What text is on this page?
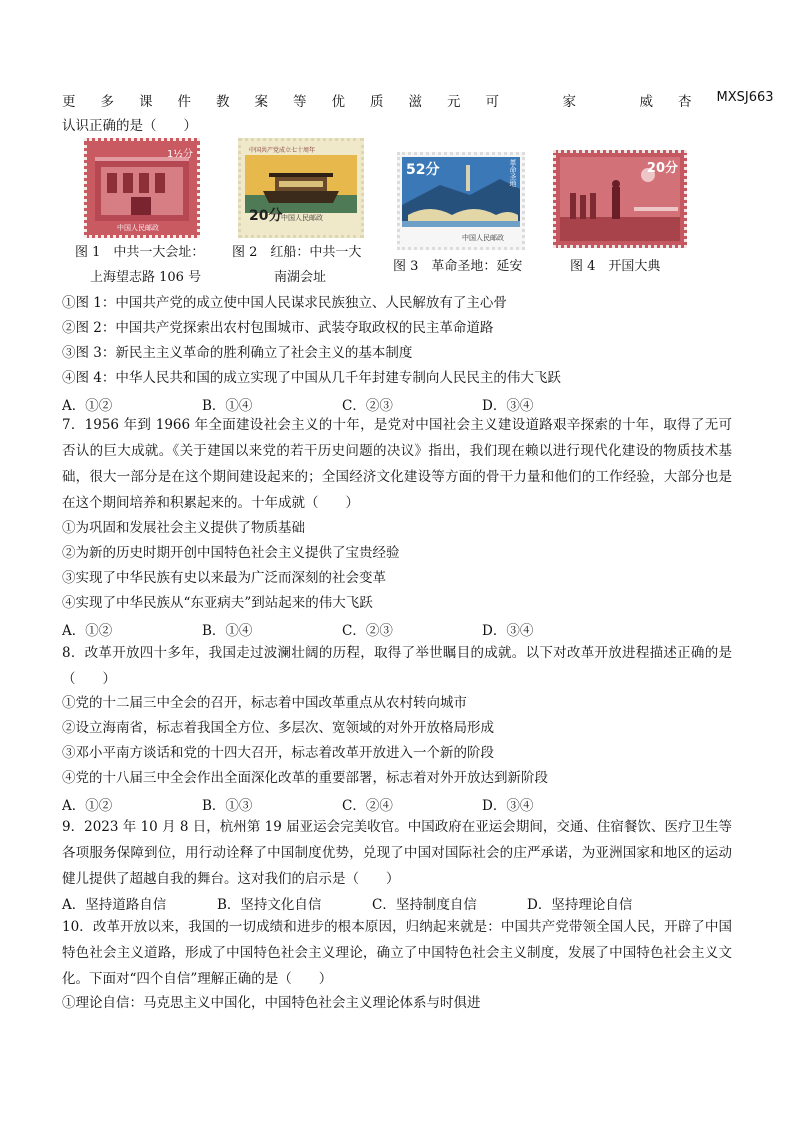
更	多	课	件	教	案	等	优	质	滋	元	可	家	威	杏	MXSJ663
认识正确的是（　　）
1½分
中国人民邮政
中国共产党成立七十周年
20分
中国人民邮政
52分	革命圣地
中国人民邮政
20分
图 1　中共一大会址：
上海望志路 106 号
图 2　红船：中共一大
南湖会址
图 3　革命圣地：延安	图 4　开国大典
①图 1：中国共产党的成立使中国人民谋求民族独立、人民解放有了主心骨
②图 2：中国共产党探索出农村包围城市、武装夺取政权的民主革命道路
③图 3：新民主主义革命的胜利确立了社会主义的基本制度
④图 4：中华人民共和国的成立实现了中国从几千年封建专制向人民民主的伟大飞跃
A．①②	B．①④	C．②③	D．③④
7．1956 年到 1966 年全面建设社会主义的十年，是党对中国社会主义建设道路艰辛探索的十年，取得了无可否认的巨大成就。《关于建国以来党的若干历史问题的决议》指出，我们现在赖以进行现代化建设的物质技术基础，很大一部分是在这个期间建设起来的；全国经济文化建设等方面的骨干力量和他们的工作经验，大部分也是在这个期间培养和积累起来的。十年成就（　　）
①为巩固和发展社会主义提供了物质基础
②为新的历史时期开创中国特色社会主义提供了宝贵经验
③实现了中华民族有史以来最为广泛而深刻的社会变革
④实现了中华民族从“东亚病夫”到站起来的伟大飞跃
A．①②	B．①④	C．②③	D．③④
8．改革开放四十多年，我国走过波澜壮阔的历程，取得了举世瞩目的成就。以下对改革开放进程描述正确的是（　　）
①党的十二届三中全会的召开，标志着中国改革重点从农村转向城市
②设立海南省，标志着我国全方位、多层次、宽领域的对外开放格局形成
③邓小平南方谈话和党的十四大召开，标志着改革开放进入一个新的阶段
④党的十八届三中全会作出全面深化改革的重要部署，标志着对外开放达到新阶段
A．①②	B．①③	C．②④	D．③④
9．2023 年 10 月 8 日，杭州第 19 届亚运会完美收官。中国政府在亚运会期间，交通、住宿餐饮、医疗卫生等各项服务保障到位，用行动诠释了中国制度优势，兑现了中国对国际社会的庄严承诺，为亚洲国家和地区的运动健儿提供了超越自我的舞台。这对我们的启示是（　　）
A．坚持道路自信	B．坚持文化自信	C．坚持制度自信	D．坚持理论自信
10．改革开放以来，我国的一切成绩和进步的根本原因，归纳起来就是：中国共产党带领全国人民，开辟了中国特色社会主义道路，形成了中国特色社会主义理论，确立了中国特色社会主义制度，发展了中国特色社会主义文化。下面对“四个自信”理解正确的是（　　）
①理论自信：马克思主义中国化，中国特色社会主义理论体系与时俱进
